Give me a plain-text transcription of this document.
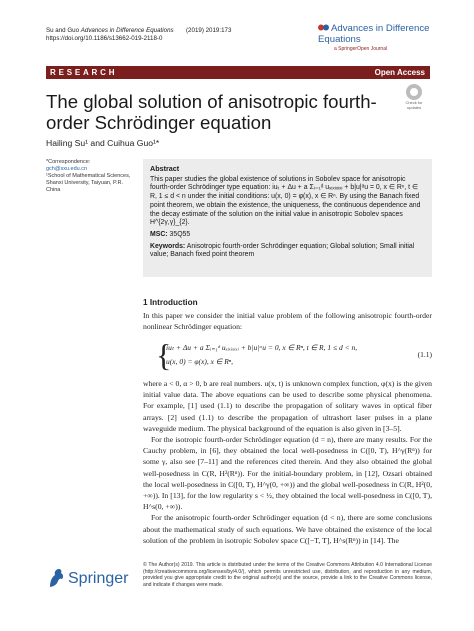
Su and Guo Advances in Difference Equations
https://doi.org/10.1186/s13662-019-2118-0
(2019) 2019:173	Advances in Difference Equations
a SpringerOpen Journal
RESEARCH	Open Access
The global solution of anisotropic fourth-order Schrödinger equation
Check for updates
Hailing Su¹ and Cuihua Guo¹*
*Correspondence:
gch@sxu.edu.cn
¹School of Mathematical Sciences, Shanxi University, Taiyuan, P.R. China
Abstract

This paper studies the global existence of solutions in Sobolev space for anisotropic fourth-order Schrödinger type equation: iuₜ + Δu + a Σᵢ₌₁ᵈ uₓᵢₓᵢₓᵢₓᵢ + b|u|ᵅu = 0, x ∈ Rⁿ, t ∈ R, 1 ≤ d < n under the initial conditions: u(x, 0) = φ(x), x ∈ Rⁿ. By using the Banach fixed point theorem, we obtain the existence, the uniqueness, the continuous dependence and the decay estimate of the solution on the initial value in anisotropic Sobolev spaces H^{2γ,γ}_{2}.

MSC: 35Q55

Keywords: Anisotropic fourth-order Schrödinger equation; Global solution; Small initial value; Banach fixed point theorem

1 Introduction

In this paper we consider the initial value problem of the following anisotropic fourth-order nonlinear Schrödinger equation:

{
iuₜ + Δu + a Σᵢ₌₁ᵈ uₓᵢₓᵢₓᵢₓᵢ + b|u|ᵅu = 0, x ∈ Rⁿ, t ∈ R, 1 ≤ d < n,
u(x, 0) = φ(x), x ∈ Rⁿ,
(1.1)

where a < 0, α > 0, b are real numbers. u(x, t) is unknown complex function, φ(x) is the given initial value data. The above equations can be used to describe some physical phenomena. For example, [1] used (1.1) to describe the propagation of solitary waves in optical fiber arrays. [2] used (1.1) to describe the propagation of ultrashort laser pulses in a plane waveguide medium. The physical background of the equation is also given in [3–5].

For the isotropic fourth-order Schrödinger equation (d = n), there are many results. For the Cauchy problem, in [6], they obtained the local well-posedness in C([0, T), H^γ(Rⁿ)) for some γ, also see [7–11] and the references cited therein. And they also obtained the global well-posedness in C(R, H²(Rⁿ)). For the initial-boundary problem, in [12], Ozsari obtained the local well-posedness in C([0, T), H^γ(0, +∞)) and the global well-posedness in C(R, H²(0, +∞)). In [13], for the low regularity s < ½, they obtained the local well-posedness in C([0, T), H^s(0, +∞)).

For the anisotropic fourth-order Schrödinger equation (d < n), there are some conclusions about the mathematical study of such equations. We have obtained the existence of the local solution of the problem in isotropic Sobolev space C([−T, T], H^s(Rⁿ)) in [14]. The

Springer
© The Author(s) 2019. This article is distributed under the terms of the Creative Commons Attribution 4.0 International License (http://creativecommons.org/licenses/by/4.0/), which permits unrestricted use, distribution, and reproduction in any medium, provided you give appropriate credit to the original author(s) and the source, provide a link to the Creative Commons license, and indicate if changes were made.
